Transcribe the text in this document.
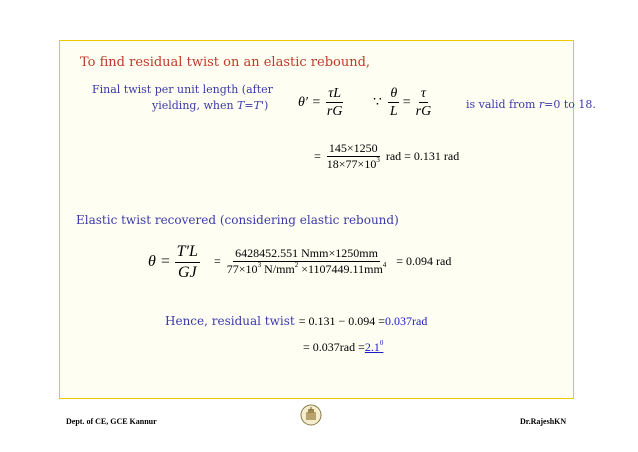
To find residual twist on an elastic rebound,
Final twist per unit length (after
yielding, when T=T') $\theta' = \frac{\tau L}{rG}$ ∵ $\frac{\theta}{L} = \frac{\tau}{rG}$	is valid from r=0 to 18.
= $\frac{145\times 1250}{18\times 77\times 10^3}$ rad = 0.131 rad
Elastic twist recovered (considering elastic rebound)
$\theta = \frac{T'L}{GJ} = \frac{\text{6428452.551 Nmm×1250mm}}{77\times 10^3 N/mm^2 \times 1107449.11mm^4} = 0.094$ rad
Hence, residual twist = 0.131 − 0.094 = 0.037rad
= $0.037rad = 2.1^0$
Dept. of CE, GCE Kannur	Dr.RajeshKN
